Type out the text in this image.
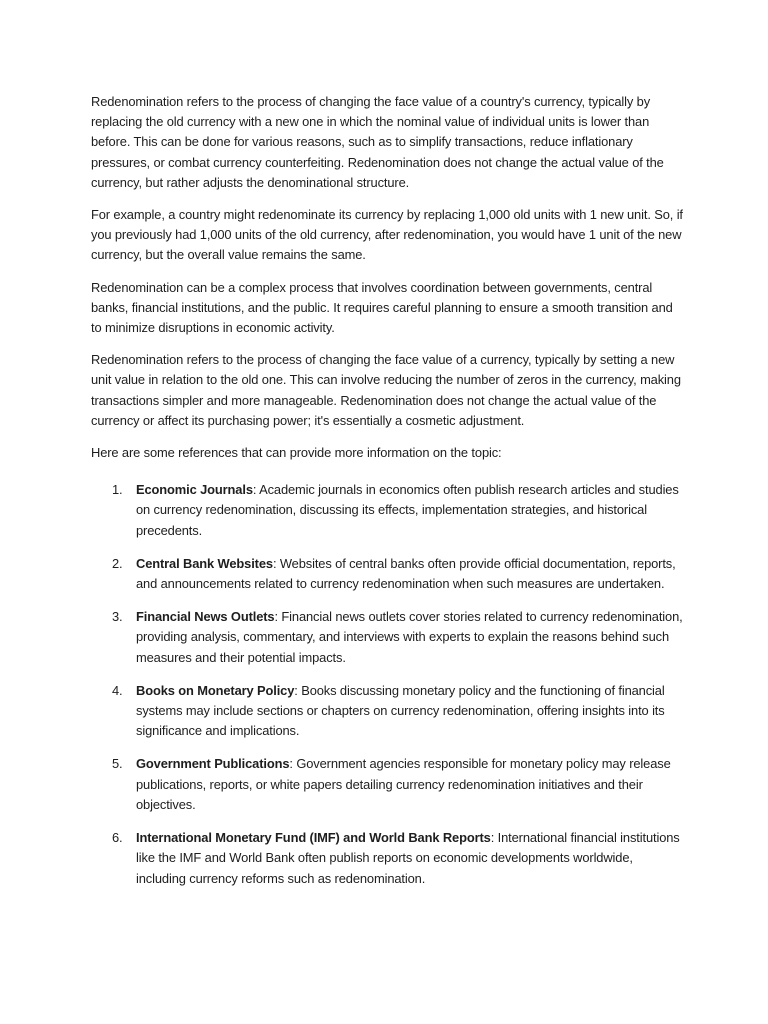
Redenomination refers to the process of changing the face value of a country's currency, typically by replacing the old currency with a new one in which the nominal value of individual units is lower than before. This can be done for various reasons, such as to simplify transactions, reduce inflationary pressures, or combat currency counterfeiting. Redenomination does not change the actual value of the currency, but rather adjusts the denominational structure.

For example, a country might redenominate its currency by replacing 1,000 old units with 1 new unit. So, if you previously had 1,000 units of the old currency, after redenomination, you would have 1 unit of the new currency, but the overall value remains the same.

Redenomination can be a complex process that involves coordination between governments, central banks, financial institutions, and the public. It requires careful planning to ensure a smooth transition and to minimize disruptions in economic activity.

Redenomination refers to the process of changing the face value of a currency, typically by setting a new unit value in relation to the old one. This can involve reducing the number of zeros in the currency, making transactions simpler and more manageable. Redenomination does not change the actual value of the currency or affect its purchasing power; it's essentially a cosmetic adjustment.

Here are some references that can provide more information on the topic:

1. Economic Journals: Academic journals in economics often publish research articles and studies on currency redenomination, discussing its effects, implementation strategies, and historical precedents.
2. Central Bank Websites: Websites of central banks often provide official documentation, reports, and announcements related to currency redenomination when such measures are undertaken.
3. Financial News Outlets: Financial news outlets cover stories related to currency redenomination, providing analysis, commentary, and interviews with experts to explain the reasons behind such measures and their potential impacts.
4. Books on Monetary Policy: Books discussing monetary policy and the functioning of financial systems may include sections or chapters on currency redenomination, offering insights into its significance and implications.
5. Government Publications: Government agencies responsible for monetary policy may release publications, reports, or white papers detailing currency redenomination initiatives and their objectives.
6. International Monetary Fund (IMF) and World Bank Reports: International financial institutions like the IMF and World Bank often publish reports on economic developments worldwide, including currency reforms such as redenomination.
